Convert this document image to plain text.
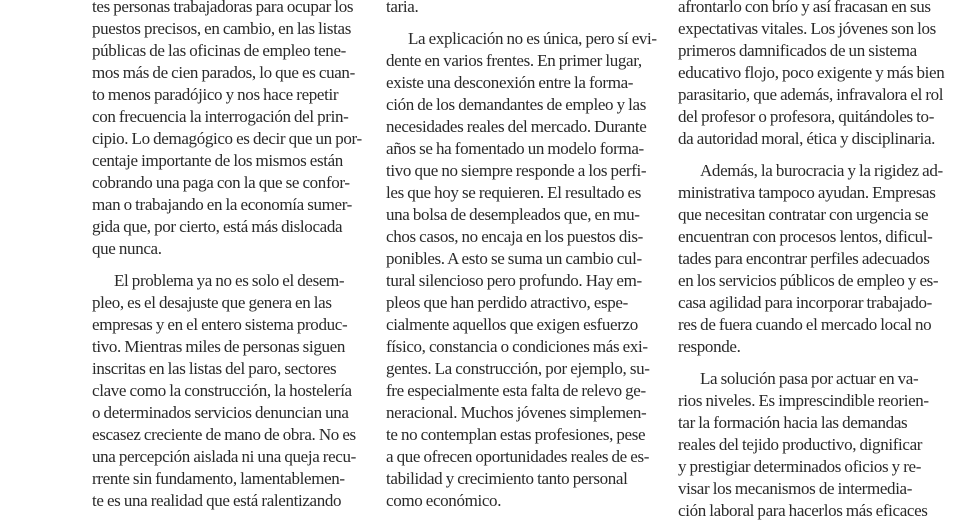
tes personas trabajadoras para ocupar los
puestos precisos, en cambio, en las listas
públicas de las oficinas de empleo tene-
mos más de cien parados, lo que es cuan-
to menos paradójico y nos hace repetir
con frecuencia la interrogación del prin-
cipio. Lo demagógico es decir que un por-
centaje importante de los mismos están
cobrando una paga con la que se confor-
man o trabajando en la economía sumer-
gida que, por cierto, está más dislocada
que nunca.
El problema ya no es solo el desem-
pleo, es el desajuste que genera en las
empresas y en el entero sistema produc-
tivo. Mientras miles de personas siguen
inscritas en las listas del paro, sectores
clave como la construcción, la hostelería
o determinados servicios denuncian una
escasez creciente de mano de obra. No es
una percepción aislada ni una queja recu-
rrente sin fundamento, lamentablemen-
te es una realidad que está ralentizando
taria.
La explicación no es única, pero sí evi-
dente en varios frentes. En primer lugar,
existe una desconexión entre la forma-
ción de los demandantes de empleo y las
necesidades reales del mercado. Durante
años se ha fomentado un modelo forma-
tivo que no siempre responde a los perfi-
les que hoy se requieren. El resultado es
una bolsa de desempleados que, en mu-
chos casos, no encaja en los puestos dis-
ponibles. A esto se suma un cambio cul-
tural silencioso pero profundo. Hay em-
pleos que han perdido atractivo, espe-
cialmente aquellos que exigen esfuerzo
físico, constancia o condiciones más exi-
gentes. La construcción, por ejemplo, su-
fre especialmente esta falta de relevo ge-
neracional. Muchos jóvenes simplemen-
te no contemplan estas profesiones, pese
a que ofrecen oportunidades reales de es-
tabilidad y crecimiento tanto personal
como económico.
afrontarlo con brío y así fracasan en sus
expectativas vitales. Los jóvenes son los
primeros damnificados de un sistema
educativo flojo, poco exigente y más bien
parasitario, que además, infravalora el rol
del profesor o profesora, quitándoles to-
da autoridad moral, ética y disciplinaria.
Además, la burocracia y la rigidez ad-
ministrativa tampoco ayudan. Empresas
que necesitan contratar con urgencia se
encuentran con procesos lentos, dificul-
tades para encontrar perfiles adecuados
en los servicios públicos de empleo y es-
casa agilidad para incorporar trabajado-
res de fuera cuando el mercado local no
responde.
La solución pasa por actuar en va-
rios niveles. Es imprescindible reorien-
tar la formación hacia las demandas
reales del tejido productivo, dignificar
y prestigiar determinados oficios y re-
visar los mecanismos de intermedia-
ción laboral para hacerlos más eficaces
